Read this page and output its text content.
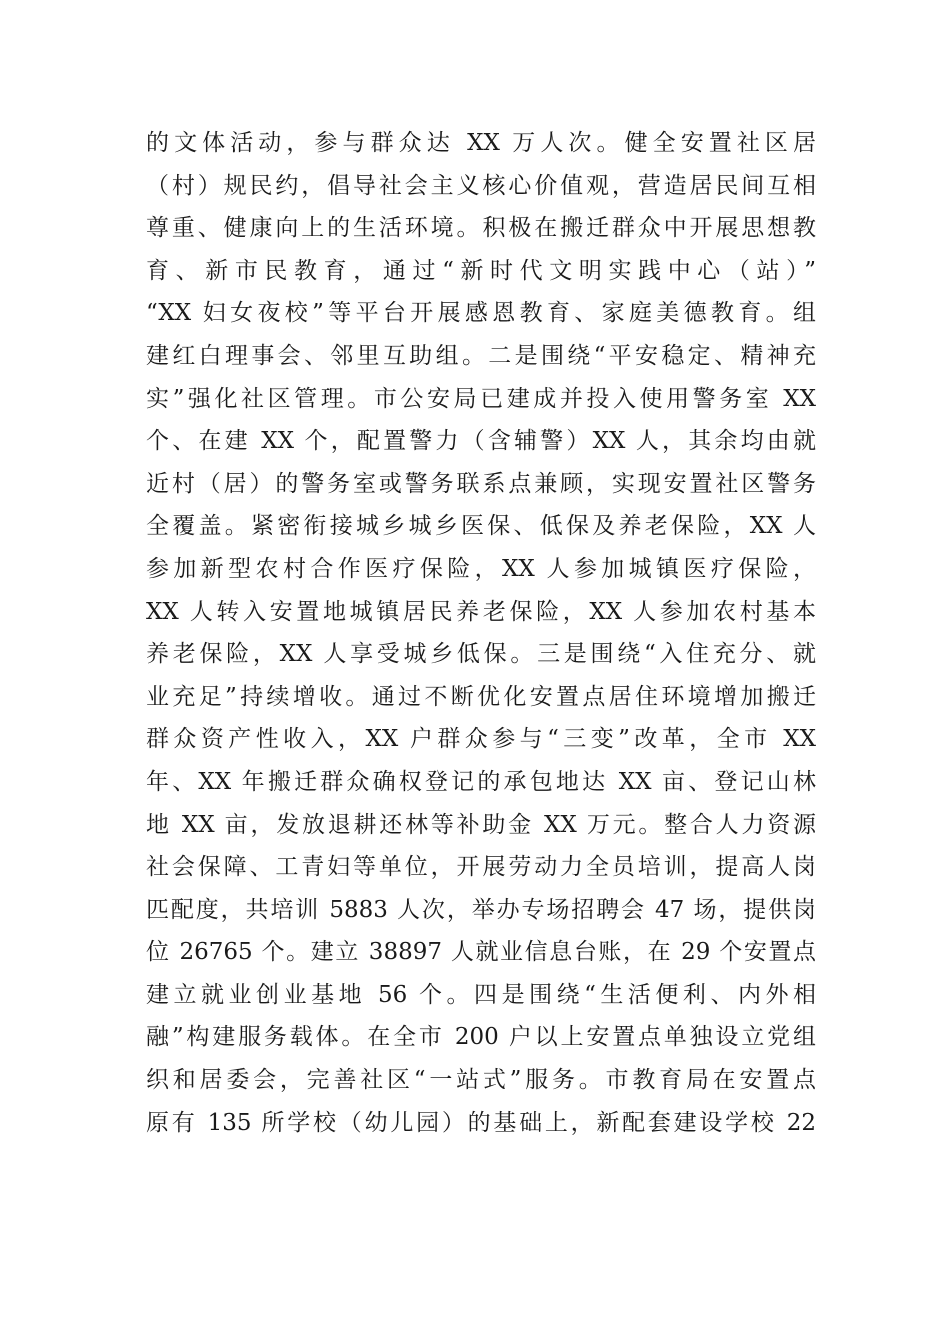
的文体活动，参与群众达 XX 万人次。健全安置社区居
（村）规民约，倡导社会主义核心价值观，营造居民间互相
尊重、健康向上的生活环境。积极在搬迁群众中开展思想教
育、新市民教育，通过“新时代文明实践中心（站）”
“XX 妇女夜校”等平台开展感恩教育、家庭美德教育。组
建红白理事会、邻里互助组。二是围绕“平安稳定、精神充
实”强化社区管理。市公安局已建成并投入使用警务室 XX
个、在建 XX 个，配置警力（含辅警）XX 人，其余均由就
近村（居）的警务室或警务联系点兼顾，实现安置社区警务
全覆盖。紧密衔接城乡城乡医保、低保及养老保险，XX 人
参加新型农村合作医疗保险，XX 人参加城镇医疗保险，
XX 人转入安置地城镇居民养老保险，XX 人参加农村基本
养老保险，XX 人享受城乡低保。三是围绕“入住充分、就
业充足”持续增收。通过不断优化安置点居住环境增加搬迁
群众资产性收入，XX 户群众参与“三变”改革，全市 XX
年、XX 年搬迁群众确权登记的承包地达 XX 亩、登记山林
地 XX 亩，发放退耕还林等补助金 XX 万元。整合人力资源
社会保障、工青妇等单位，开展劳动力全员培训，提高人岗
匹配度，共培训 5883 人次，举办专场招聘会 47 场，提供岗
位 26765 个。建立 38897 人就业信息台账，在 29 个安置点
建立就业创业基地 56 个。四是围绕“生活便利、内外相
融”构建服务载体。在全市 200 户以上安置点单独设立党组
织和居委会，完善社区“一站式”服务。市教育局在安置点
原有 135 所学校（幼儿园）的基础上，新配套建设学校 22
